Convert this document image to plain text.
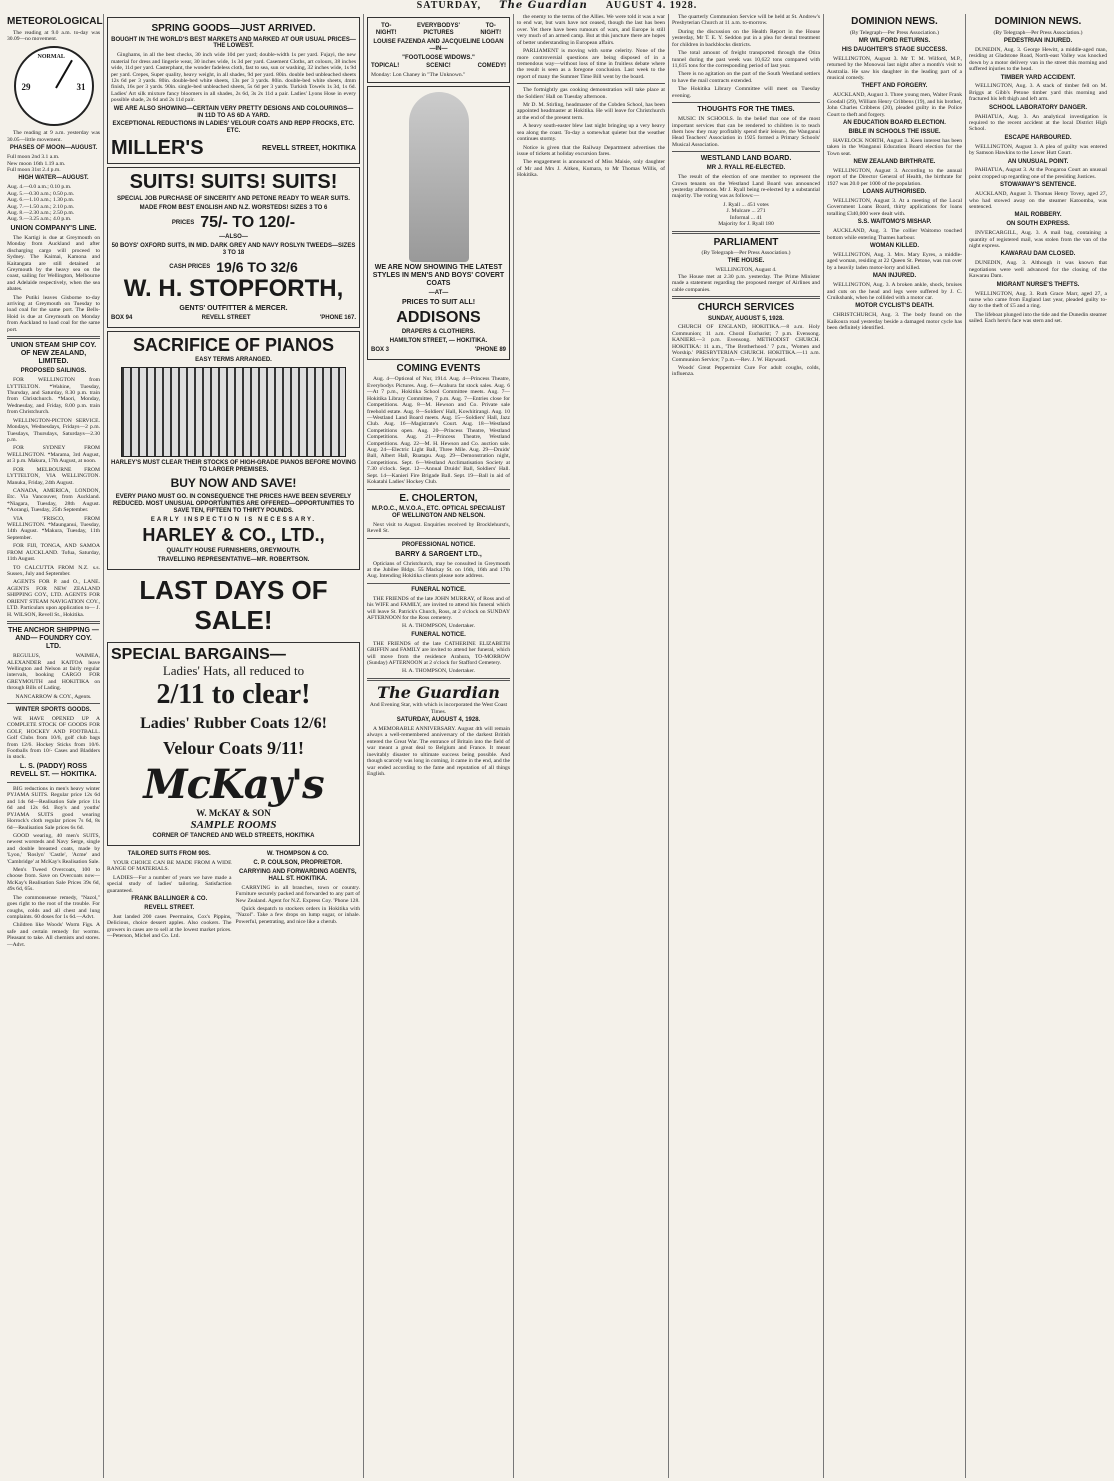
SATURDAY, The Guardian AUGUST 4. 1928.
METEOROLOGICAL

The reading at 9.0 a.m. to-day was 30.09—no movement.

NORMAL
29	31

The reading at 9 a.m. yesterday was 30.05—little movement.

PHASES OF MOON—AUGUST.
Full moon 2nd 3.1 a.m.
New moon 16th 1.19 a.m.
Full moon 31st 2.4 p.m.
HIGH WATER—AUGUST.
Aug. 4.—0.0 a.m.; 0.10 p.m.
Aug. 5.—0.30 a.m.; 0.50 p.m.
Aug. 6.—1.10 a.m.; 1.30 p.m.
Aug. 7.—1.50 a.m.; 2.10 p.m.
Aug. 8.—2.30 a.m.; 2.50 p.m.
Aug. 9.—3.25 a.m.; 4.0 p.m.
UNION COMPANY'S LINE.

The Kartigi is due at Greymouth on Monday from Auckland and after discharging cargo will proceed to Sydney. The Kaimai, Kamona and Kaitangata are still detained at Greymouth by the heavy sea on the coast, sailing for Wellington, Melbourne and Adelaide respectively, when the sea abates.

The Putiki leaves Gisborne to-day arriving at Greymouth on Tuesday to load coal for the same port. The Bells-Hoid is due at Greymouth on Monday from Auckland to load coal for the same port.

UNION STEAM SHIP COY. OF NEW ZEALAND, LIMITED.
PROPOSED SAILINGS.

FOR WELLINGTON from LYTTELTON. *Wahine, Tuesday, Thursday, and Saturday, 8.30 p.m. train from Christchurch. *Maori, Monday, Wednesday, and Friday, 8.00 p.m. train from Christchurch.

WELLINGTON-PICTON SERVICE. Mondays, Wednesdays, Fridays—2 p.m. Tuesdays, Thursdays, Saturdays—2.30 p.m.

FOR SYDNEY FROM WELLINGTON. *Marama, 3rd August, at 3 p.m. Makura, 17th August, at noon.

FOR MELBOURNE FROM LYTTELTON, VIA WELLINGTON. Manuka, Friday, 24th August.

CANADA, AMERICA, LONDON, Etc. Via Vancouver, from Auckland. *Niagara, Tuesday, 28th August. *Aorangi, Tuesday, 25th September.

VIA 'FRISCO, FROM WELLINGTON. *Maunganui, Tuesday, 14th August. *Makura, Tuesday, 11th September.

FOR FIJI, TONGA, AND SAMOA FROM AUCKLAND. Tofua, Saturday, 11th August.

TO CALCUTTA FROM N.Z. s.s. Sussex, July and September.

AGENTS FOR P. and O., LANE. AGENTS FOR NEW ZEALAND SHIPPING COY., LTD. AGENTS FOR ORIENT STEAM NAVIGATION COY., LTD. Particulars upon application to— J. H. WILSON, Revell St., Hokitika.

THE ANCHOR SHIPPING —AND— FOUNDRY COY. LTD.

REGULUS, WAIMEA, ALEXANDER and KAITOA leave Wellington and Nelson at fairly regular intervals, booking CARGO FOR GREYMOUTH and HOKITIKA on through Bills of Lading.

NANCARROW & COY., Agents.

WINTER SPORTS GOODS.

WE HAVE OPENED UP A COMPLETE STOCK OF GOODS FOR GOLF, HOCKEY AND FOOTBALL. Golf Clubs from 10/6, golf club bags from 12/6. Hockey Sticks from 10/6. Footballs from 10/- Cases and Bladders in stock.

L. S. (PADDY) ROSS REVELL ST. — HOKITIKA.

BIG reductions in men's heavy winter PYJAMA SUITS. Regular price 12s 6d and 14s 6d—Realisation Sale price 11s 6d and 12s 6d. Boy's and youths' PYJAMA SUITS good wearing Horrock's cloth regular prices 7s 6d, 8s 6d—Realisation Sale prices 6s 6d.

GOOD wearing, 40 men's SUITS, newest worsteds and Navy Serge, single and double breasted coats, made by 'Lyon,' 'Roslyn' 'Castle', 'Acme' and 'Cambridge' at McKay's Realisation Sale.

Men's Tweed Overcoats, 100 to choose from. Save on Overcoats now—McKay's Realisation Sale Prices 39s 6d, 49s 6d, 65s.

The commonsense remedy, "Nazol," goes right to the root of the trouble. For coughs, colds and all chest and lung complaints. 60 doses for 1s 6d.—Advt.

Children like Woods' Worm Figs. A safe and certain remedy for worms. Pleasant to take. All chemists and stores.—Advt.

SPRING GOODS—JUST ARRIVED.
BOUGHT IN THE WORLD'S BEST MARKETS AND MARKED AT OUR USUAL PRICES—THE LOWEST.

Ginghams, in all the best checks, 30 inch wide 10d per yard; double-width 1s per yard. Fujayi, the new material for dress and lingerie wear, 30 inches wide, 1s 3d per yard. Casement Cloths, art colours, 38 inches wide, 11d per yard. Casterphant, the wonder fadeless cloth, fast to sea, sun or washing, 32 inches wide, 1s 9d per yard. Crepes, Super quality, heavy weight, in all shades, 9d per yard. 80in. double bed unbleached sheets 12s 6d per 3 yards. 80in. double-bed white sheets, 13s per 3 yards. 80in. double-bed white sheets, 4mm finish, 16s per 3 yards. 90in. single-bed unbleached sheets, 5s 6d per 3 yards. Turkish Towels 1s 3d, 1s 6d. Ladies' Art silk mixture fancy bloomers in all shades, 2s 6d, 3s 2s 11d a pair. Ladies' Lyons Hose in every possible shade, 2s 6d and 2s 11d pair.

WE ARE ALSO SHOWING—CERTAIN VERY PRETTY DESIGNS AND COLOURINGS—IN 11D TO AS 6D A YARD.
EXCEPTIONAL REDUCTIONS IN LADIES' VELOUR COATS AND REPP FROCKS, ETC. ETC.
MILLER'S	REVELL STREET, HOKITIKA
SUITS! SUITS! SUITS!
SPECIAL JOB PURCHASE OF SINCERITY AND PETONE READY TO WEAR SUITS.
MADE FROM BEST ENGLISH AND N.Z. WORSTEDS! SIZES 3 TO 6
PRICES 75/- TO 120/-
—ALSO—
50 BOYS' OXFORD SUITS, IN MID. DARK GREY AND NAVY ROSLYN TWEEDS—SIZES 3 TO 18
CASH PRICES 19/6 TO 32/6
W. H. STOPFORTH,
GENTS' OUTFITTER & MERCER.
BOX 94	REVELL STREET	'PHONE 167.
SACRIFICE OF PIANOS
EASY TERMS ARRANGED.
HARLEY'S MUST CLEAR THEIR STOCKS OF HIGH-GRADE PIANOS BEFORE MOVING TO LARGER PREMISES.
BUY NOW AND SAVE!
EVERY PIANO MUST GO. IN CONSEQUENCE THE PRICES HAVE BEEN SEVERELY REDUCED. MOST UNUSUAL OPPORTUNITIES ARE OFFERED—OPPORTUNITIES TO SAVE TEN, FIFTEEN TO THIRTY POUNDS.
EARLY INSPECTION IS NECESSARY.
HARLEY & CO., LTD.,
QUALITY HOUSE FURNISHERS, GREYMOUTH.
TRAVELLING REPRESENTATIVE—MR. ROBERTSON.
LAST DAYS OF SALE!
SPECIAL BARGAINS—
Ladies' Hats, all reduced to
2/11 to clear!
Ladies' Rubber Coats 12/6!
Velour Coats 9/11!
McKay's
W. McKAY & SON
SAMPLE ROOMS
CORNER OF TANCRED AND WELD STREETS, HOKITIKA
TAILORED SUITS FROM 90S.

YOUR CHOICE CAN BE MADE FROM A WIDE RANGE OF MATERIALS.

LADIES—For a number of years we have made a special study of ladies' tailoring. Satisfaction guaranteed.

FRANK BALLINGER & CO.
REVELL STREET.

Just landed 200 cases Peermains, Cox's Pippins, Delicious, choice dessert apples. Also cookers. The growers in cases are to sell at the lowest market prices.—Peterson, Michel and Co. Ltd.

W. THOMPSON & CO.
C. P. COULSON, PROPRIETOR.
CARRYING AND FORWARDING AGENTS, HALL ST. HOKITIKA.

CARRYING in all branches, town or country. Furniture securely packed and forwarded to any part of New Zealand. Agent for N.Z. Express Coy. 'Phone 128.

Quick despatch to stockers orders in Hokitika with "Nazol". Take a few drops on lump sugar, or inhale. Powerful, penetrating, and nice like a cherub.

TO-NIGHT!
EVERYBODYS' PICTURES
TO-NIGHT!
LOUISE FAZENDA AND JACQUELINE LOGAN —IN—
"FOOTLOOSE WIDOWS."
TOPICAL!	SCENIC!	COMEDY!
Monday: Lon Chaney in "The Unknown."
WE ARE NOW SHOWING THE LATEST STYLES IN MEN'S AND BOYS' COVERT COATS
—AT—
PRICES TO SUIT ALL!
ADDISONS
DRAPERS & CLOTHIERS.
HAMILTON STREET, — HOKITIKA.
BOX 3	'PHONE 89
COMING EVENTS

Aug. 4—Opticeal of Nur, 1914. Aug. 4—Princess Theatre, Everybodys Pictures. Aug. 6—Arahura fat stock sales. Aug. 6—At 7 p.m., Hokitika School Committee meets. Aug. 7—Hokitika Library Committee, 7 p.m. Aug. 7—Entries close for Competitions. Aug. 8—M. Hewson and Co. Private sale freehold estate. Aug. 8—Soldiers' Hall, Kowhitirangi. Aug. 10—Westland Land Board meets. Aug. 15—Soldiers' Hall, Jazz Club. Aug. 16—Magistrate's Court. Aug. 18—Westland Competitions open. Aug. 20—Princess Theatre, Westland Competitions. Aug. 21—Princess Theatre, Westland Competitions. Aug. 22—M. H. Hewson and Co. auction sale. Aug. 24—Electric Light Ball, Three Mile. Aug. 29—Druids' Ball, Albert Hall, Ruatapu. Aug. 29—Demonstration night, Competitions. Sept. 6—Westland Acclimatisation Society at 7.30 o'clock. Sept. 12—Annual Druids' Ball, Soldiers' Hall. Sept. 14—Kanieri Fire Brigade Ball. Sept. 19—Ball in aid of Kokatahi Ladies' Hockey Club.

E. CHOLERTON,
M.P.O.C., M.V.O.A., ETC. OPTICAL SPECIALIST OF WELLINGTON AND NELSON.

Next visit to August. Enquiries received by Brocklehurst's, Revell St.

PROFESSIONAL NOTICE.
BARRY & SARGENT LTD.,

Opticians of Christchurch, may be consulted in Greymouth at the Jubilee Bldgs. 55 Mackay St. on 16th, 16th and 17th Aug. Intending Hokitika clients please note address.

FUNERAL NOTICE.

THE FRIENDS of the late JOHN MURRAY, of Ross and of his WIFE and FAMILY, are invited to attend his funeral which will leave St. Patrick's Church, Ross, at 2 o'clock on SUNDAY AFTERNOON for the Ross cemetery.

H. A. THOMPSON, Undertaker.

FUNERAL NOTICE.

THE FRIENDS of the late CATHERINE ELIZABETH GRIFFIN and FAMILY are invited to attend her funeral, which will move from the residence Arahura, TO-MORROW (Sunday) AFTERNOON at 2 o'clock for Stafford Cemetery.

H. A. THOMPSON, Undertaker.

The Guardian

And Evening Star, with which is incorporated the West Coast Times.

SATURDAY, AUGUST 4, 1928.

A MEMORABLE ANNIVERSARY. August 4th will remain always a well-remembered anniversary of the darkest British entered the Great War. The entrance of Britain into the field of war meant a great deal to Belgium and France. It meant inevitably disaster to ultimate success being possible. And though scarcely was long in coming, it came in the end, and the war ended according to the fame and reputation of all things English.

the enemy to the terms of the Allies. We were told it was a war to end war, but wars have not ceased, though the last has been over. Yet there have been rumours of wars, and Europe is still very much of an armed camp. But at this juncture there are hopes of better understanding in European affairs.

PARLIAMENT is moving with some celerity. None of the more controversial questions are being disposed of in a tremendous way—without loss of time in fruitless debate where the result is seen as a foregone conclusion. Last week to the report of many the Summer Time Bill went by the board.

The fortnightly gas cooking demonstration will take place at the Soldiers' Hall on Tuesday afternoon.

Mr D. M. Stirling, headmaster of the Cobden School, has been appointed headmaster at Hokitika. He will leave for Christchurch at the end of the present term.

A heavy south-easter blew last night bringing up a very heavy sea along the coast. To-day a somewhat quieter but the weather continues stormy.

Notice is given that the Railway Department advertises the issue of tickets at holiday excursion fares.

The engagement is announced of Miss Maisie, only daughter of Mr and Mrs J. Aitken, Kumara, to Mr Thomas Willis, of Hokitika.

The quarterly Communion Service will be held at St. Andrew's Presbyterian Church at 11 a.m. to-morrow.

During the discussion on the Health Report in the House yesterday, Mr T. E. Y. Seddon put in a plea for dental treatment for children in backblocks districts.

The total amount of freight transported through the Otira tunnel during the past week was 10,622 tons compared with 11,615 tons for the corresponding period of last year.

There is no agitation on the part of the South Westland settlers to have the mail contracts extended.

The Hokitika Library Committee will meet on Tuesday evening.

THOUGHTS FOR THE TIMES.

MUSIC IN SCHOOLS. In the belief that one of the most important services that can be rendered to children is to teach them how they may profitably spend their leisure, the Wanganui Head Teachers' Association in 1925 formed a Primary Schools' Musical Association.

WESTLAND LAND BOARD.
MR J. RYALL RE-ELECTED.

The result of the election of one member to represent the Crown tenants on the Westland Land Board was announced yesterday afternoon. Mr J. Ryall being re-elected by a substantial majority. The voting was as follows:—

J. Ryall ... 451 votes
J. Mulcare ... 271
Informal ... 41
Majority for J. Ryall 180
PARLIAMENT
(By Telegraph—Per Press Association.)
THE HOUSE.
WELLINGTON, August 4.

The House met at 2.30 p.m. yesterday. The Prime Minister made a statement regarding the proposed merger of Airlines and cable companies.

CHURCH SERVICES
SUNDAY, AUGUST 5, 1928.

CHURCH OF ENGLAND, HOKITIKA.—8 a.m. Holy Communion; 11 a.m. Choral Eucharist; 7 p.m. Evensong. KANIERI.—3 p.m. Evensong. METHODIST CHURCH. HOKITIKA: 11 a.m., 'The Brotherhood.' 7 p.m., 'Women and Worship.' PRESBYTERIAN CHURCH. HOKITIKA.—11 a.m. Communion Service; 7 p.m.—Rev. J. W. Hayward.

Woods' Great Peppermint Cure For adult coughs, colds, influenza.

DOMINION NEWS.
(By Telegraph—Per Press Association.)
MR WILFORD RETURNS.
HIS DAUGHTER'S STAGE SUCCESS.

WELLINGTON, August 3. Mr T. M. Wilford, M.P., returned by the Monowai last night after a month's visit to Australia. He saw his daughter in the leading part of a musical comedy.

THEFT AND FORGERY.

AUCKLAND, August 3. Three young men, Walter Frank Goodall (29), William Henry Cribbens (19), and his brother, John Charles Cribbens (20), pleaded guilty in the Police Court to theft and forgery.

AN EDUCATION BOARD ELECTION.
BIBLE IN SCHOOLS THE ISSUE.

HAVELOCK NORTH, August 3. Keen interest has been taken in the Wanganui Education Board election for the Town seat.

NEW ZEALAND BIRTHRATE.

WELLINGTON, August 3. According to the annual report of the Director General of Health, the birthrate for 1927 was 20.0 per 1000 of the population.

LOANS AUTHORISED.

WELLINGTON, August 3. At a meeting of the Local Government Loans Board, thirty applications for loans totalling £340,000 were dealt with.

S.S. WAITOMO'S MISHAP.

AUCKLAND, Aug. 3. The collier Waitomo touched bottom while entering Thames harbour.

WOMAN KILLED.

WELLINGTON, Aug. 3. Mrs. Mary Eyres, a middle-aged woman, residing at 22 Queen St. Petone, was run over by a heavily laden motor-lorry and killed.

MAN INJURED.

WELLINGTON, Aug. 3. A broken ankle, shock, bruises and cuts on the head and legs were suffered by J. C. Cruikshank, when he collided with a motor car.

MOTOR CYCLIST'S DEATH.

CHRISTCHURCH, Aug. 3. The body found on the Kaikoura road yesterday beside a damaged motor cycle has been definitely identified.

DOMINION NEWS.
(By Telegraph—Per Press Association.)
PEDESTRIAN INJURED.

DUNEDIN, Aug. 3. George Hewitt, a middle-aged man, residing at Gladstone Road, North-east Valley was knocked down by a motor delivery van in the street this morning and suffered injuries to the head.

TIMBER YARD ACCIDENT.

WELLINGTON, Aug. 3. A stack of timber fell on M. Briggs at Gibb's Petone timber yard this morning and fractured his left thigh and left arm.

SCHOOL LABORATORY DANGER.

PAHIATUA, Aug. 3. An analytical investigation is required to the recent accident at the local District High School.

ESCAPE HARBOURED.

WELLINGTON, August 3. A plea of guilty was entered by Samson Hawkins to the Lower Hutt Court.

AN UNUSUAL POINT.

PAHIATUA, August 3. At the Pongaroa Court an unusual point cropped up regarding one of the presiding Justices.

STOWAWAY'S SENTENCE.

AUCKLAND, August 3. Thomas Henry Tovey, aged 27, who had stowed away on the steamer Katoomba, was sentenced.

MAIL ROBBERY.
ON SOUTH EXPRESS.

INVERCARGILL, Aug. 3. A mail bag, containing a quantity of registered mail, was stolen from the van of the night express.

KAWARAU DAM CLOSED.

DUNEDIN, Aug. 3. Although it was known that negotiations were well advanced for the closing of the Kawarau Dam.

MIGRANT NURSE'S THEFTS.

WELLINGTON, Aug. 3. Ruth Grace Marr, aged 27, a nurse who came from England last year, pleaded guilty to-day to the theft of £5 and a ring.

The lifeboat plunged into the tide and the Dunedin steamer sailed. Each hero's face was stern and set.
